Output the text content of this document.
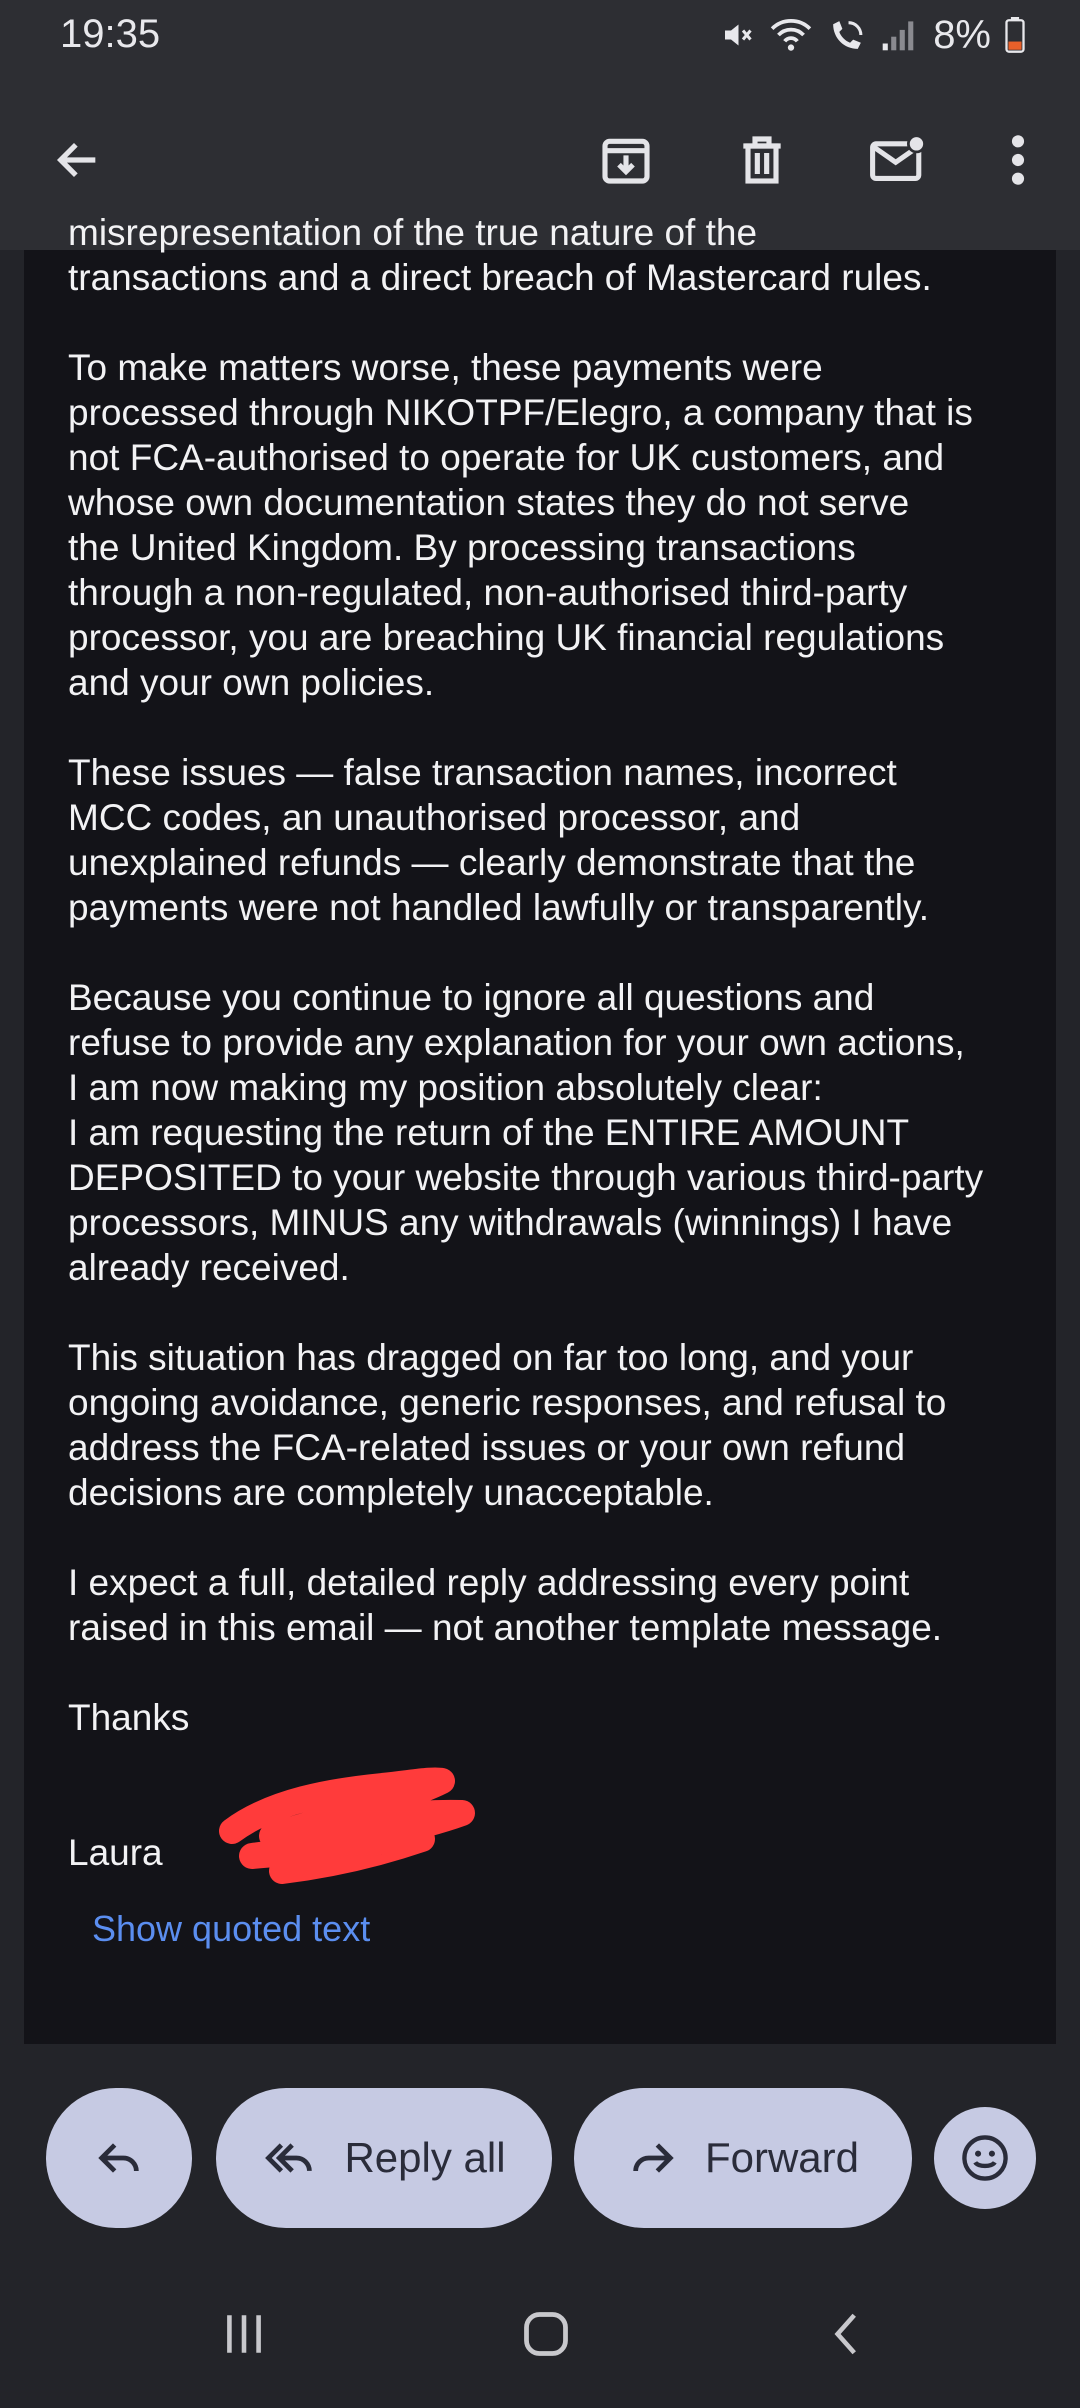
19:35	8%

misrepresentation of the true nature of the
transactions and a direct breach of Mastercard rules.

To make matters worse, these payments were
processed through NIKOTPF/Elegro, a company that is
not FCA-authorised to operate for UK customers, and
whose own documentation states they do not serve
the United Kingdom. By processing transactions
through a non-regulated, non-authorised third-party
processor, you are breaching UK financial regulations
and your own policies.

These issues — false transaction names, incorrect
MCC codes, an unauthorised processor, and
unexplained refunds — clearly demonstrate that the
payments were not handled lawfully or transparently.

Because you continue to ignore all questions and
refuse to provide any explanation for your own actions,
I am now making my position absolutely clear:
I am requesting the return of the ENTIRE AMOUNT
DEPOSITED to your website through various third-party
processors, MINUS any withdrawals (winnings) I have
already received.

This situation has dragged on far too long, and your
ongoing avoidance, generic responses, and refusal to
address the FCA-related issues or your own refund
decisions are completely unacceptable.

I expect a full, detailed reply addressing every point
raised in this email — not another template message.

Thanks

Laura

Show quoted text
Reply all	Forward
